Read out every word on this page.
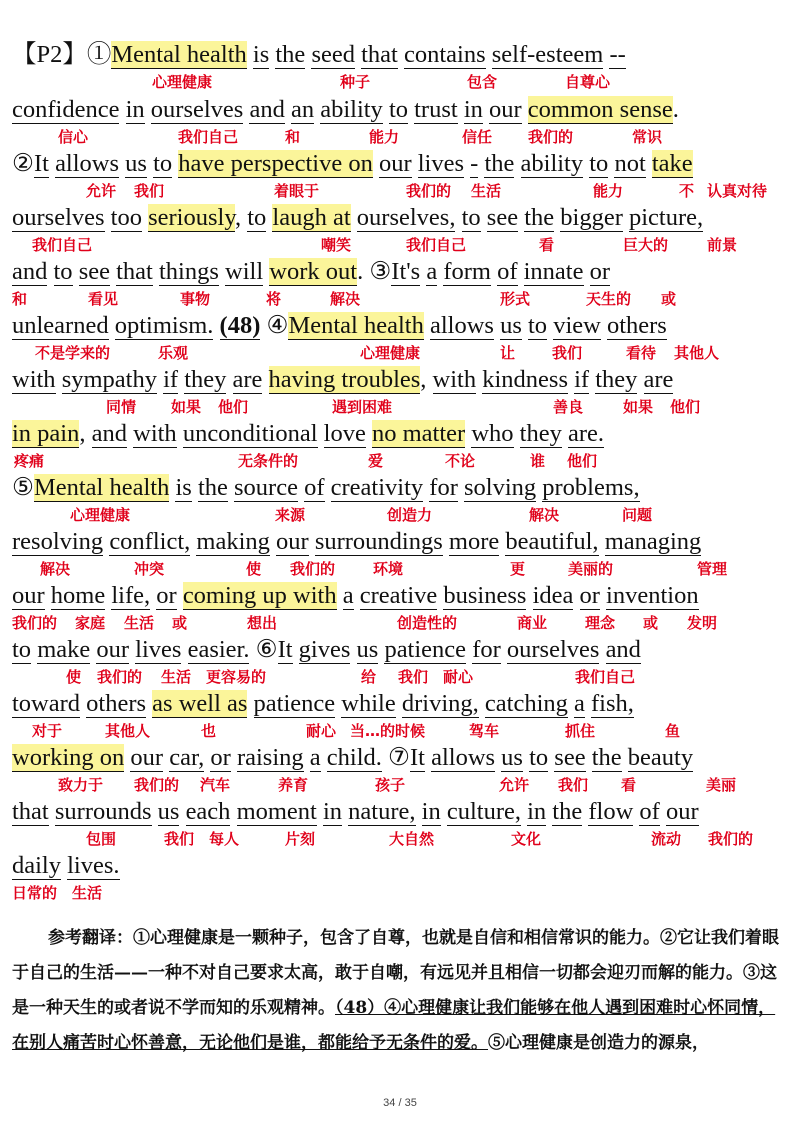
【P2】①Mental health is the seed that contains self-esteem --
confidence in ourselves and an ability to trust in our common sense.
②It allows us to have perspective on our lives - the ability to not take
ourselves too seriously, to laugh at ourselves, to see the bigger picture,
and to see that things will work out. ③It's a form of innate or
unlearned optimism. (48) ④Mental health allows us to view others
with sympathy if they are having troubles, with kindness if they are
in pain, and with unconditional love no matter who they are.
⑤Mental health is the source of creativity for solving problems,
resolving conflict, making our surroundings more beautiful, managing
our home life, or coming up with a creative business idea or invention
to make our lives easier. ⑥It gives us patience for ourselves and
toward others as well as patience while driving, catching a fish,
working on our car, or raising a child. ⑦It allows us to see the beauty
that surrounds us each moment in nature, in culture, in the flow of our
daily lives.
心理健康	种子	包含	自尊心
信心	我们自己	和	能力	信任 我们的	常识
允许 我们	着眼于	我们的 生活	能力	不 认真对待
我们自己	嘲笑	我们自己	看	巨大的	前景
和	看见	事物	将	解决	形式	天生的 或
不是学来的	乐观	心理健康	让 我们	看待 其他人
同情 如果 他们	遇到困难	善良	如果 他们
疼痛	无条件的	爱	不论	谁 他们
心理健康	来源	创造力	解决	问题
解决	冲突	使 我们的	环境	更	美丽的	管理
我们的 家庭 生活 或	想出	创造性的	商业	理念 或 发明
使 我们的 生活 更容易的	给 我们 耐心	我们自己
对于	其他人	也	耐心 当…的时候	驾车	抓住	鱼
致力于 我们的 汽车	养育	孩子	允许 我们 看	美丽
包围	我们 每人	片刻	大自然	文化	流动 我们的
日常的 生活
参考翻译：①心理健康是一颗种子，包含了自尊，也就是自信和相信常识的能力。②它让我们着眼于自己的生活——一种不对自己要求太高，敢于自嘲，有远见并且相信一切都会迎刃而解的能力。③这是一种天生的或者说不学而知的乐观精神。（48）④心理健康让我们能够在他人遇到困难时心怀同情，在别人痛苦时心怀善意，无论他们是谁，都能给予无条件的爱。⑤心理健康是创造力的源泉，
34 / 35
